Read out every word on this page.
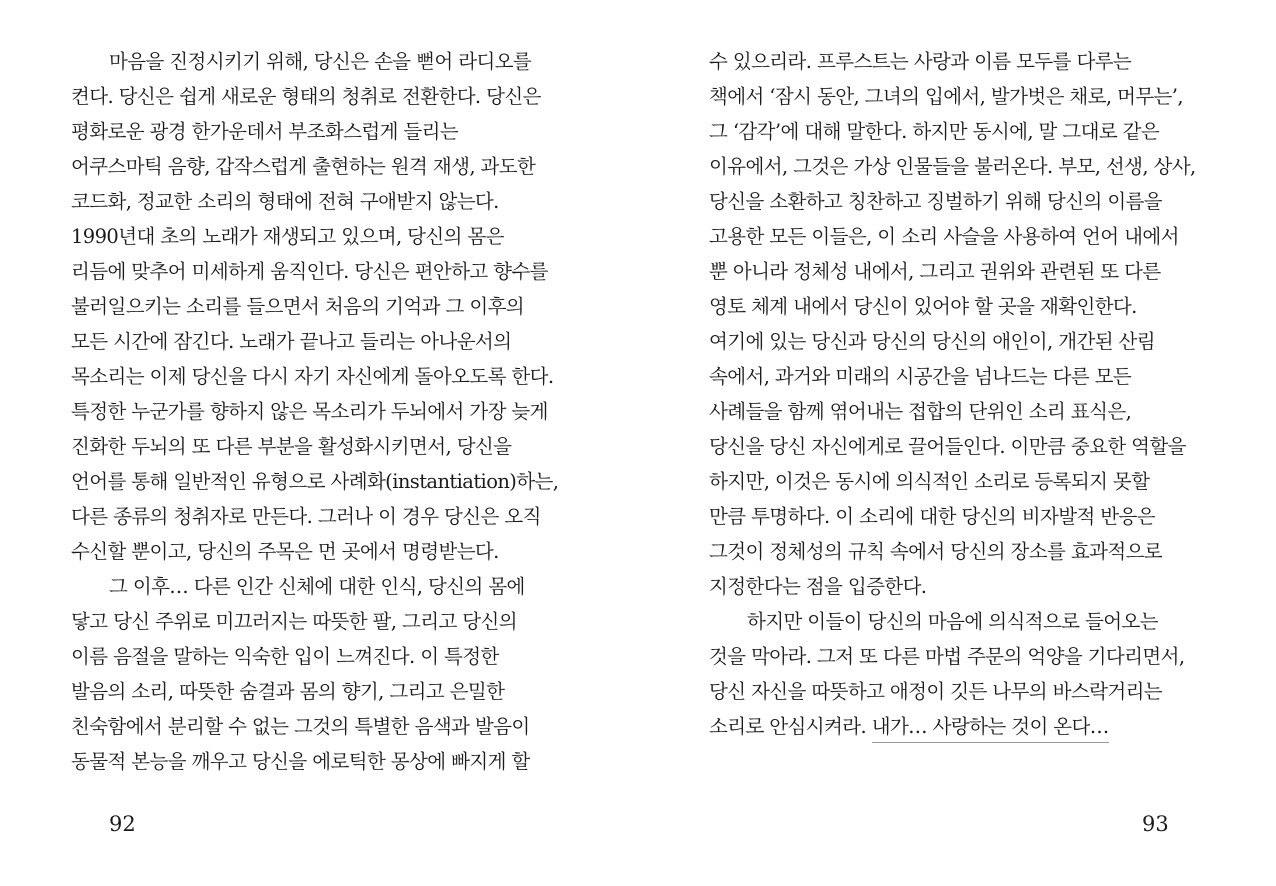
마음을 진정시키기 위해, 당신은 손을 뻗어 라디오를
켠다. 당신은 쉽게 새로운 형태의 청취로 전환한다. 당신은
평화로운 광경 한가운데서 부조화스럽게 들리는
어쿠스마틱 음향, 갑작스럽게 출현하는 원격 재생, 과도한
코드화, 정교한 소리의 형태에 전혀 구애받지 않는다.
1990년대 초의 노래가 재생되고 있으며, 당신의 몸은
리듬에 맞추어 미세하게 움직인다. 당신은 편안하고 향수를
불러일으키는 소리를 들으면서 처음의 기억과 그 이후의
모든 시간에 잠긴다. 노래가 끝나고 들리는 아나운서의
목소리는 이제 당신을 다시 자기 자신에게 돌아오도록 한다.
특정한 누군가를 향하지 않은 목소리가 두뇌에서 가장 늦게
진화한 두뇌의 또 다른 부분을 활성화시키면서, 당신을
언어를 통해 일반적인 유형으로 사례화(instantiation)하는,
다른 종류의 청취자로 만든다. 그러나 이 경우 당신은 오직
수신할 뿐이고, 당신의 주목은 먼 곳에서 명령받는다.
그 이후… 다른 인간 신체에 대한 인식, 당신의 몸에
닿고 당신 주위로 미끄러지는 따뜻한 팔, 그리고 당신의
이름 음절을 말하는 익숙한 입이 느껴진다. 이 특정한
발음의 소리, 따뜻한 숨결과 몸의 향기, 그리고 은밀한
친숙함에서 분리할 수 없는 그것의 특별한 음색과 발음이
동물적 본능을 깨우고 당신을 에로틱한 몽상에 빠지게 할
92
수 있으리라. 프루스트는 사랑과 이름 모두를 다루는
책에서 ‘잠시 동안, 그녀의 입에서, 발가벗은 채로, 머무는’,
그 ‘감각’에 대해 말한다. 하지만 동시에, 말 그대로 같은
이유에서, 그것은 가상 인물들을 불러온다. 부모, 선생, 상사,
당신을 소환하고 칭찬하고 징벌하기 위해 당신의 이름을
고용한 모든 이들은, 이 소리 사슬을 사용하여 언어 내에서
뿐 아니라 정체성 내에서, 그리고 권위와 관련된 또 다른
영토 체계 내에서 당신이 있어야 할 곳을 재확인한다.
여기에 있는 당신과 당신의 당신의 애인이, 개간된 산림
속에서, 과거와 미래의 시공간을 넘나드는 다른 모든
사례들을 함께 엮어내는 접합의 단위인 소리 표식은,
당신을 당신 자신에게로 끌어들인다. 이만큼 중요한 역할을
하지만, 이것은 동시에 의식적인 소리로 등록되지 못할
만큼 투명하다. 이 소리에 대한 당신의 비자발적 반응은
그것이 정체성의 규칙 속에서 당신의 장소를 효과적으로
지정한다는 점을 입증한다.
하지만 이들이 당신의 마음에 의식적으로 들어오는
것을 막아라. 그저 또 다른 마법 주문의 억양을 기다리면서,
당신 자신을 따뜻하고 애정이 깃든 나무의 바스락거리는
소리로 안심시켜라. 내가… 사랑하는 것이 온다…
93
